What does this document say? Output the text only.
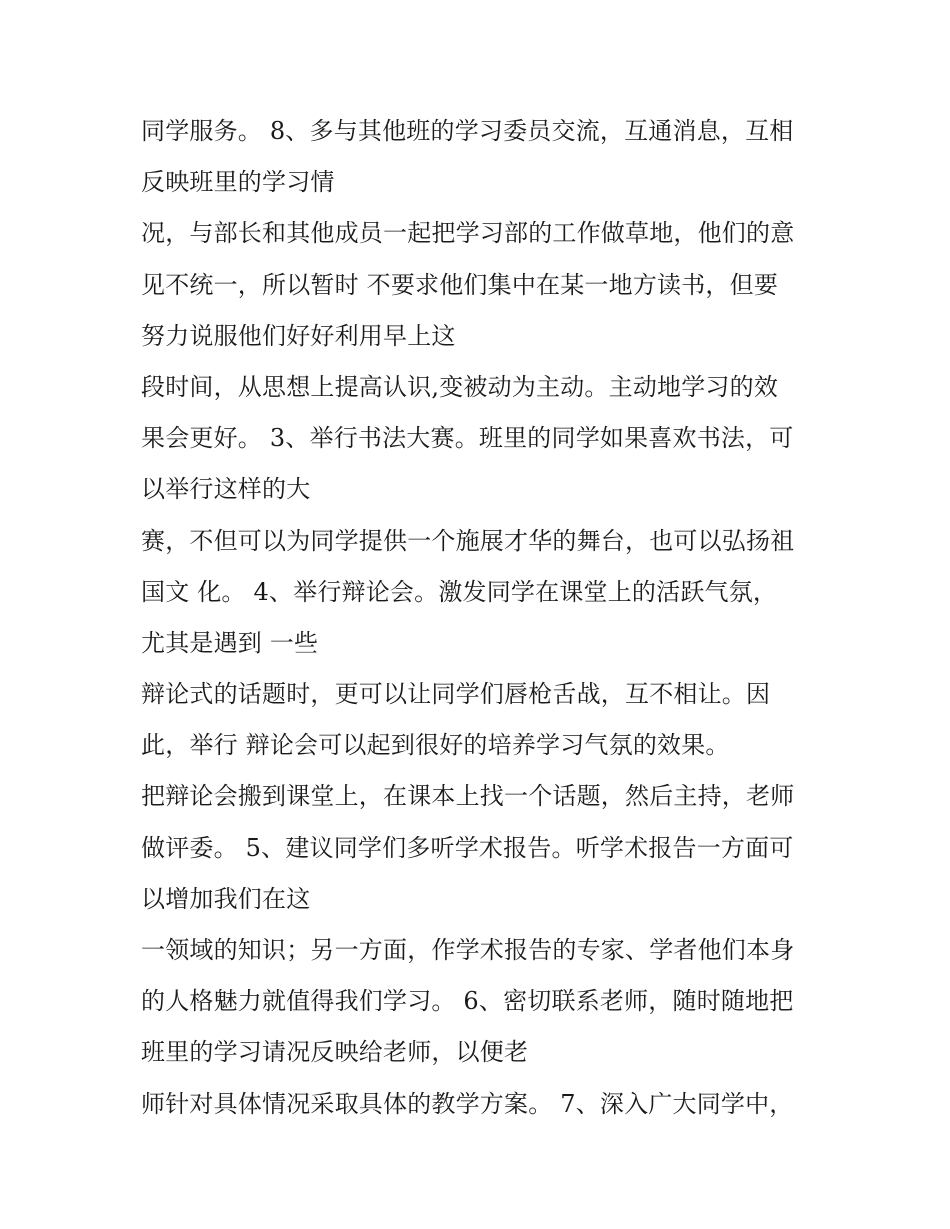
同学服务。 8、多与其他班的学习委员交流，互通消息，互相
反映班里的学习情
况，与部长和其他成员一起把学习部的工作做草地，他们的意
见不统一，所以暂时 不要求他们集中在某一地方读书，但要
努力说服他们好好利用早上这
段时间，从思想上提高认识,变被动为主动。主动地学习的效
果会更好。 3、举行书法大赛。班里的同学如果喜欢书法，可
以举行这样的大
赛，不但可以为同学提供一个施展才华的舞台，也可以弘扬祖
国文 化。 4、举行辩论会。激发同学在课堂上的活跃气氛，
尤其是遇到 一些
辩论式的话题时，更可以让同学们唇枪舌战，互不相让。因
此，举行 辩论会可以起到很好的培养学习气氛的效果。
把辩论会搬到课堂上，在课本上找一个话题，然后主持，老师
做评委。 5、建议同学们多听学术报告。听学术报告一方面可
以增加我们在这
一领域的知识；另一方面，作学术报告的专家、学者他们本身
的人格魅力就值得我们学习。 6、密切联系老师，随时随地把
班里的学习请况反映给老师，以便老
师针对具体情况采取具体的教学方案。 7、深入广大同学中，
